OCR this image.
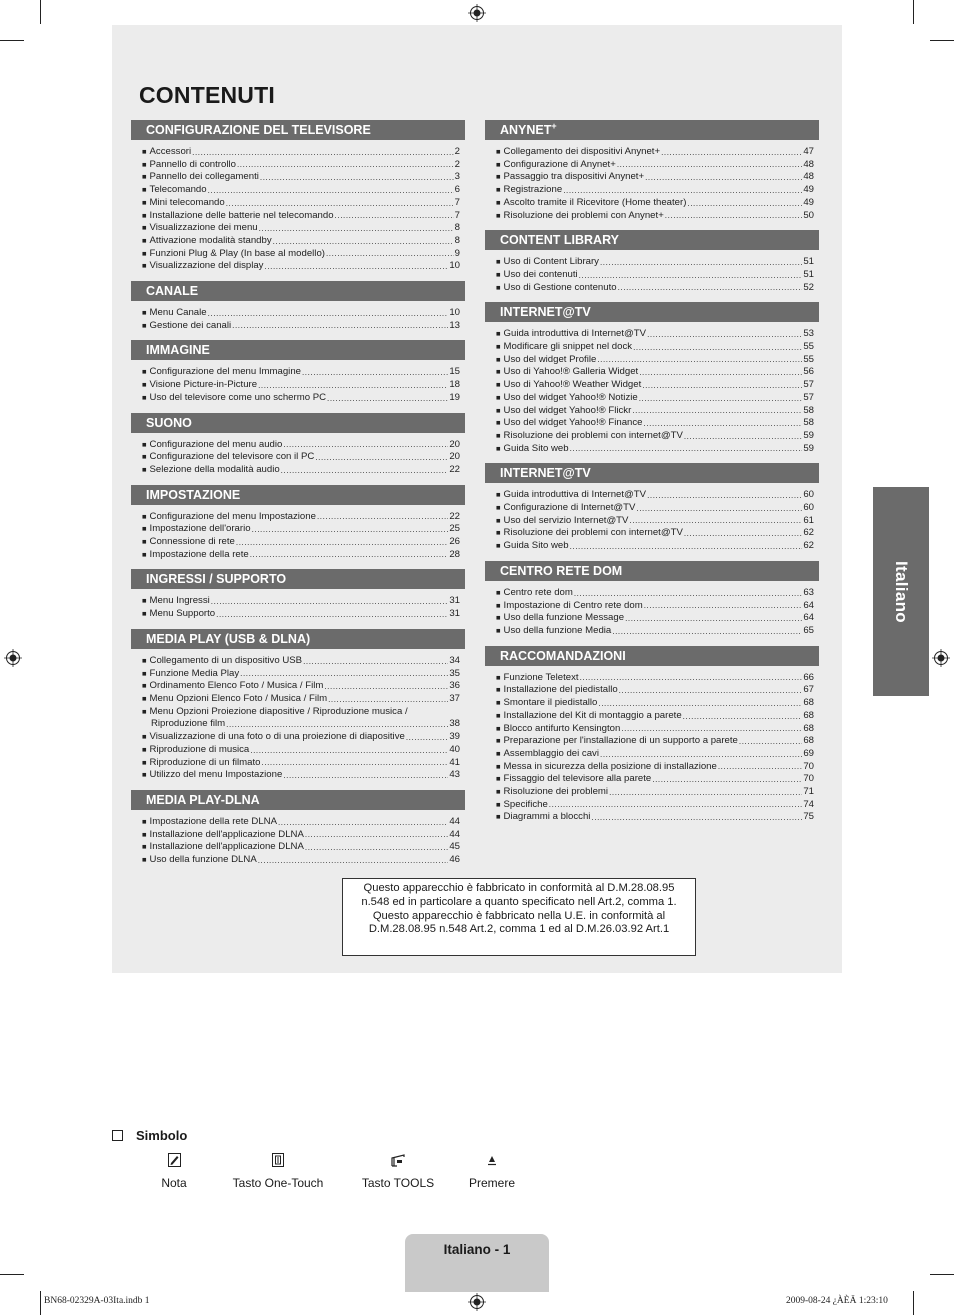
CONTENUTI
CONFIGURAZIONE DEL TELEVISORE
■ Accessori .....	2
■ Pannello di controllo .....	2
■ Pannello dei collegamenti .....	3
■ Telecomando .....	6
■ Mini telecomando .....	7
■ Installazione delle batterie nel telecomando .....	7
■ Visualizzazione dei menu .....	8
■ Attivazione modalità standby .....	8
■ Funzioni Plug & Play (In base al modello) .....	9
■ Visualizzazione del display .....	10
CANALE
■ Menu Canale .....	10
■ Gestione dei canali .....	13
IMMAGINE
■ Configurazione del menu Immagine .....	15
■ Visione Picture-in-Picture .....	18
■ Uso del televisore come uno schermo PC .....	19
SUONO
■ Configurazione del menu audio .....	20
■ Configurazione del televisore con il PC .....	20
■ Selezione della modalità audio .....	22
IMPOSTAZIONE
■ Configurazione del menu Impostazione .....	22
■ Impostazione dell'orario .....	25
■ Connessione di rete .....	26
■ Impostazione della rete .....	28
INGRESSI / SUPPORTO
■ Menu Ingressi .....	31
■ Menu Supporto .....	31
MEDIA PLAY (USB & DLNA)
■ Collegamento di un dispositivo USB .....	34
■ Funzione Media Play .....	35
■ Ordinamento Elenco Foto / Musica / Film .....	36
■ Menu Opzioni Elenco Foto / Musica / Film .....	37
■ Menu Opzioni Proiezione diapositive / Riproduzione musica /
Riproduzione film .....	38
■ Visualizzazione di una foto o di una proiezione di diapositive .....	39
■ Riproduzione di musica .....	40
■ Riproduzione di un filmato .....	41
■ Utilizzo del menu Impostazione .....	43
MEDIA PLAY-DLNA
■ Impostazione della rete DLNA .....	44
■ Installazione dell'applicazione DLNA .....	44
■ Installazione dell'applicazione DLNA .....	45
■ Uso della funzione DLNA .....	46
ANYNET+
■ Collegamento dei dispositivi Anynet+ .....	47
■ Configurazione di Anynet+ .....	48
■ Passaggio tra dispositivi Anynet+ .....	48
■ Registrazione .....	49
■ Ascolto tramite il Ricevitore (Home theater) .....	49
■ Risoluzione dei problemi con Anynet+ .....	50
CONTENT LIBRARY
■ Uso di Content Library .....	51
■ Uso dei contenuti .....	51
■ Uso di Gestione contenuto .....	52
INTERNET@TV
■ Guida introduttiva di Internet@TV .....	53
■ Modificare gli snippet nel dock .....	55
■ Uso del widget Profile .....	55
■ Uso di Yahoo!® Galleria Widget .....	56
■ Uso di Yahoo!® Weather Widget .....	57
■ Uso del widget Yahoo!® Notizie .....	57
■ Uso del widget Yahoo!® Flickr .....	58
■ Uso del widget Yahoo!® Finance .....	58
■ Risoluzione dei problemi con internet@TV .....	59
■ Guida Sito web .....	59
INTERNET@TV
■ Guida introduttiva di Internet@TV .....	60
■ Configurazione di Internet@TV .....	60
■ Uso del servizio Internet@TV .....	61
■ Risoluzione dei problemi con internet@TV .....	62
■ Guida Sito web .....	62
CENTRO RETE DOM
■ Centro rete dom .....	63
■ Impostazione di Centro rete dom .....	64
■ Uso della funzione Message .....	64
■ Uso della funzione Media .....	65
RACCOMANDAZIONI
■ Funzione Teletext .....	66
■ Installazione del piedistallo .....	67
■ Smontare il piedistallo .....	68
■ Installazione del Kit di montaggio a parete .....	68
■ Blocco antifurto Kensington .....	68
■ Preparazione per l'installazione di un supporto a parete .....	68
■ Assemblaggio dei cavi .....	69
■ Messa in sicurezza della posizione di installazione .....	70
■ Fissaggio del televisore alla parete .....	70
■ Risoluzione dei problemi .....	71
■ Specifiche .....	74
■ Diagrammi a blocchi .....	75
Questo apparecchio è fabbricato in conformità al D.M.28.08.95 n.548 ed in particolare a quanto specificato nell Art.2, comma 1. Questo apparecchio è fabbricato nella U.E. in conformità al D.M.28.08.95 n.548 Art.2, comma 1 ed al D.M.26.03.92 Art.1
Italiano
Simbolo
Nota	Tasto One-Touch	Tasto TOOLS	Premere
Italiano - 1
BN68-02329A-03Ita.indb 1	2009-08-24 ¿ÀÈÄ 1:23:10
